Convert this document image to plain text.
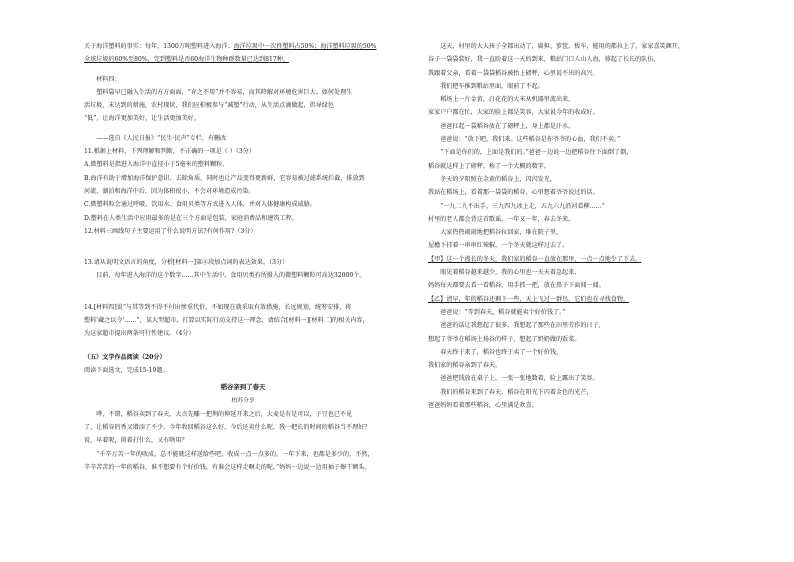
关于海洋塑料的事实：每年，1300万吨塑料进入海洋；海洋垃圾中一次性塑料占50%；海洋塑料垃圾的50%

全球垃圾的60%至80%，完到塑料是否60海洋生物种群数量已达到817种。

材料四：

塑料袋早已融入生活的方方面面，“弃之不用”并不容易，而其降解对环境危害巨大。如何处理生

活垃圾，未达到的措施，农村现状，我们应积极参与“减塑”行动，从生活点滴做起，倡导绿色

“低”，让海洋更加美好，让生活更加美好。

——选自《人民日报》“民生·民声”专栏，有删改

11.根据上材料，下列理解和判断，不正确的一项是（ ）（3分）

A.微塑料是指进入海洋中直径小于5毫米的塑料颗粒。

B.海洋有助于增加海洋保护意识、去除角质，同时也让产品变得更新鲜，它容易被过滤系统拦截，排放到

河流、湖泊和海洋中后，因为体积很小，不会对环境造成污染。

C.微塑料粒会通过呼吸、饮用水、食用贝类等方式进入人体，并对人体健康构成威胁。

D.塑料在人类生活中应用最多的是在三个方面是包装、家庭消费品和建筑工程。

12.材料三画线句子主要运用了什么说明方法?有何作用?（3分）

13.请从说明文语言的角度，分析[材料一]第④段加点词的表达效果。（3分）

目前，每年进入海洋的这个数字……其中生活中，食用贝类有所摄入的微塑料颗粒可高达32000个。

14.[材料四]说“与其等到不得不付出惨重代价，不如现在就采取有效措施，长远规划，统筹安排，将

塑料‘藏之以令’……”，某大型超市，打算以实际行动支持这一理念，请结合[材料一][材料二]的相关内容，

为这家超市提出两条可行性建议。（4分）

（五）文学作品阅读（20分）

阅读下面选文，完成15-19题。

稻谷亲到了春天

柏苏分享

哗，不错，稻谷卖到了春天，大言先赚一把利的伸延开来之后，大麦是有是可以，子豆也已不见

了，让稻谷的香又增添了不少。今年收回稻谷这么好，今后还卖什么呢，我一把长的时间的稻谷当不理好？

说，早着呢，留着打什么，又有啥用？

“千辛万苦一年的收成，总不能就这样送给些吧，收成一点一点多的，一年下来，也都是多少的，不然，

辛辛苦苦的一年的稻谷，谁不想要有个好价钱，有谁会这样走啊走的呢。”妈妈一边说一边用袖子擦干额头。

这天，村里的大人孩子全都出动了，扁担、箩筐、板车，能用的都拉上了，家家喜笑颜开，

谷子一袋袋装好，我一直盼着这一天的到来，粮站门口人山人海，排起了长长的队伍，

我跟着父亲，看着一袋袋稻谷被抬上磅秤，心里说不出的高兴。

我们把车推到粮站里面，眼前了不起。

稻场上一片金黄，白花花的大米从机器里流出来，

家家户户都在忙，大家的脸上都是笑容，大家说今年的收成好。

爸爸扛起一袋稻谷放在了磅秤上，身上都是汗水。

爸爸说：“放下吧，我们来。这些稻谷是你爷爷的心血，我们不卖。”

“下面是你们的，上面是我们的。”爸爸一边说一边把稻谷往下面倒了倒，

稻谷就这样上了磅秤，称了一个大概的数字。

冬天的夕阳照在金黄的稻谷上，闪闪发光，

我站在稻场上，看着那一袋袋的稻谷，心里想着爷爷说过的话。

“一九二九不出手，三九四九冰上走，五九六九沿河看柳……”

村里的老人都会背这首歌谣，一年又一年，春去冬来。

大家热热闹闹地把稻谷拉回家，堆在院子里，

屋檐下挂着一串串红辣椒，一个冬天就这样过去了。

【甲】这一个漫长的冬天，我们家的稻谷一直放在那里，一点一点地少了下去。

眼见着稻谷越来越少，我的心里也一天天着急起来，

妈妈每天都要去看一看稻谷，用手抓一把，放在鼻子下面闻一闻。

【乙】清早，年的稻谷还剩下一些，天上飞过一群鸟，它们也在寻找食物，

爸爸说：“等到春天，稻谷就能卖个好价钱了。”

爸爸的话让我想起了很多，我想起了那些在田里劳作的日子，

想起了爷爷在稻场上扬谷的样子，想起了奶奶做的饭菜。

春天终于来了，稻谷也终于卖了一个好价钱，

我们家的稻谷亲到了春天。

爸爸把钱放在桌子上，一张一张地数着，脸上露出了笑容。

我们的稻谷来到了春天，稻谷在阳光下闪着金色的光芒，

爸爸妈妈看着那些稻谷，心里满是欢喜。
